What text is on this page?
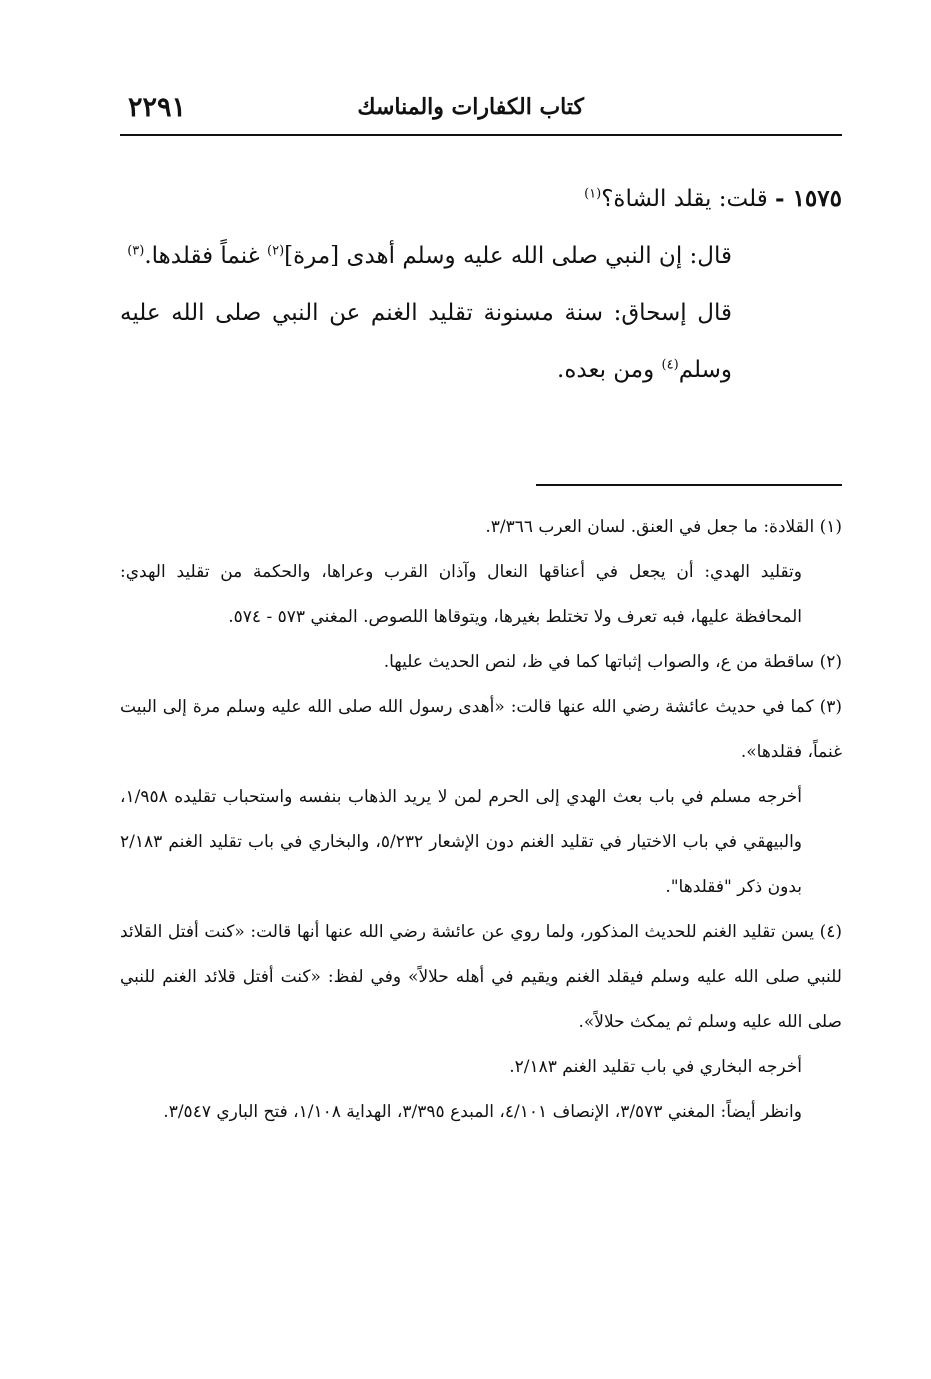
كتاب الكفارات والمناسك
٢٢٩١

١٥٧٥ - قلت: يقلد الشاة؟$^{(١)}$

قال: إن النبي صلى الله عليه وسلم أهدى [مرة]$^{(٢)}$ غنماً فقلدها.$^{(٣)}$

قال إسحاق: سنة مسنونة تقليد الغنم عن النبي صلى الله عليه وسلم$^{(٤)}$ ومن بعده.

(١) القلادة: ما جعل في العنق. لسان العرب ٣/٣٦٦.

وتقليد الهدي: أن يجعل في أعناقها النعال وآذان القرب وعراها، والحكمة من تقليد الهدي: المحافظة عليها، فبه تعرف ولا تختلط بغيرها، ويتوقاها اللصوص. المغني ٥٧٣ - ٥٧٤.

(٢) ساقطة من ع، والصواب إثباتها كما في ظ، لنص الحديث عليها.

(٣) كما في حديث عائشة رضي الله عنها قالت: «أهدى رسول الله صلى الله عليه وسلم مرة إلى البيت غنماً، فقلدها».

أخرجه مسلم في باب بعث الهدي إلى الحرم لمن لا يريد الذهاب بنفسه واستحباب تقليده ١/٩٥٨، والبيهقي في باب الاختيار في تقليد الغنم دون الإشعار ٥/٢٣٢، والبخاري في باب تقليد الغنم ٢/١٨٣ بدون ذكر "فقلدها".

(٤) يسن تقليد الغنم للحديث المذكور، ولما روي عن عائشة رضي الله عنها أنها قالت: «كنت أفتل القلائد للنبي صلى الله عليه وسلم فيقلد الغنم ويقيم في أهله حلالاً» وفي لفظ: «كنت أفتل قلائد الغنم للنبي صلى الله عليه وسلم ثم يمكث حلالاً».

أخرجه البخاري في باب تقليد الغنم ٢/١٨٣.

وانظر أيضاً: المغني ٣/٥٧٣، الإنصاف ٤/١٠١، المبدع ٣/٣٩٥، الهداية ١/١٠٨، فتح الباري ٣/٥٤٧.
